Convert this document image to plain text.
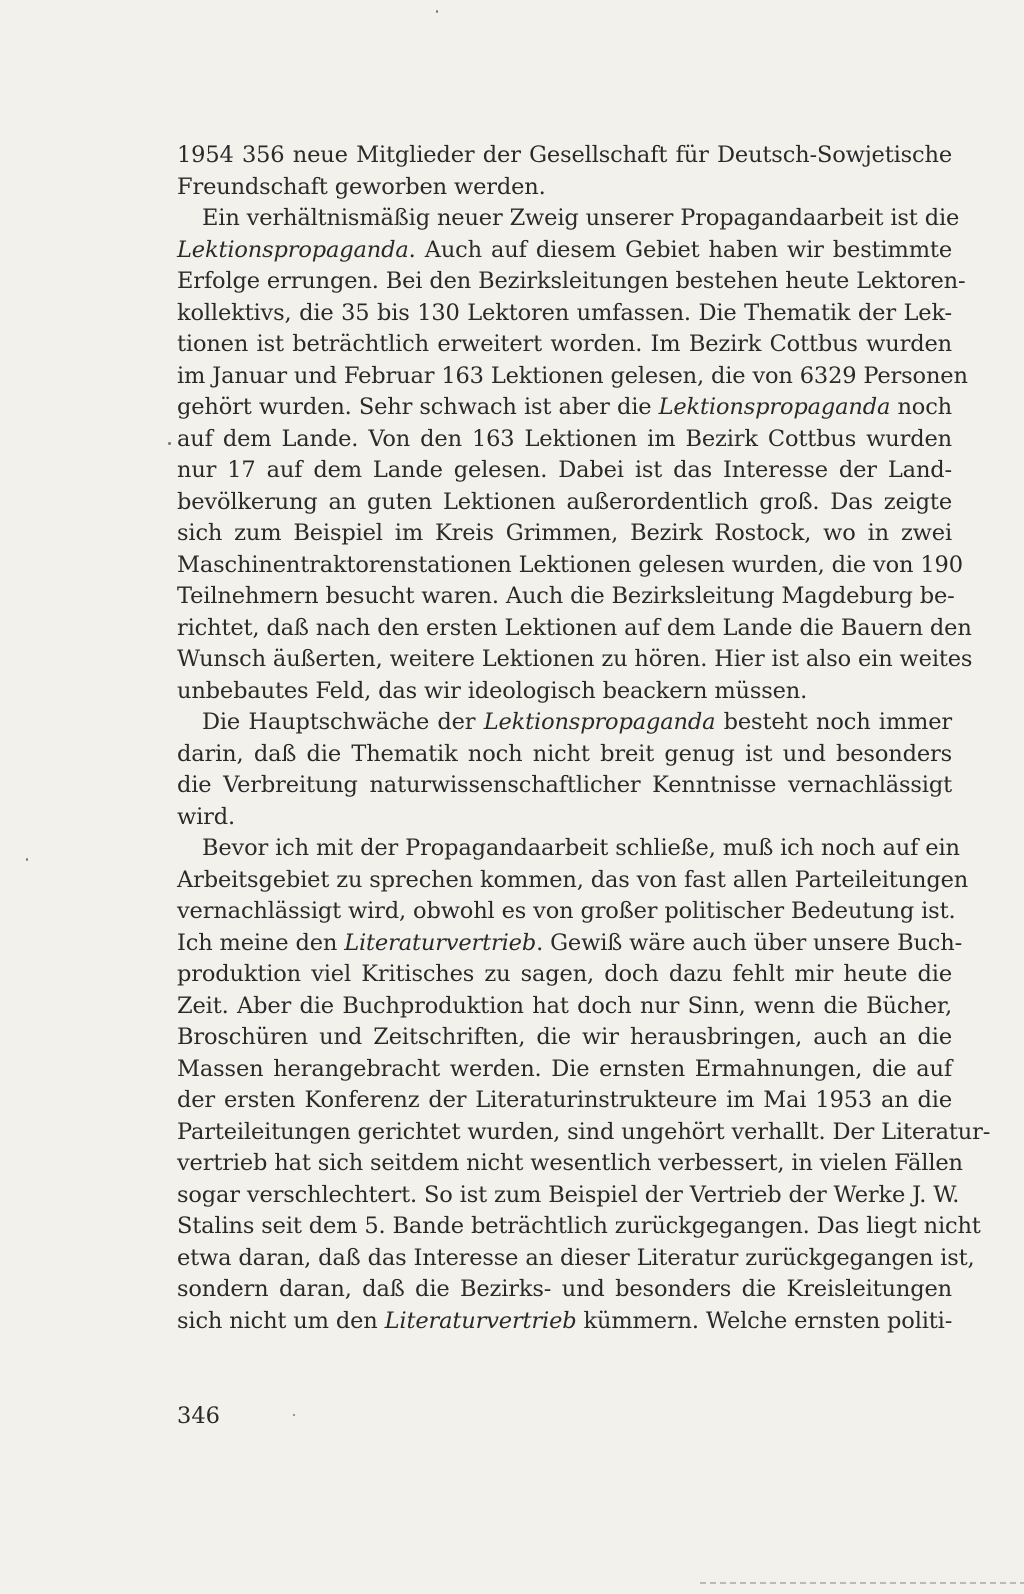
1954 356 neue Mitglieder der Gesellschaft für Deutsch-Sowjetische
Freundschaft geworben werden.
Ein verhältnismäßig neuer Zweig unserer Propagandaarbeit ist die
Lektionspropaganda. Auch auf diesem Gebiet haben wir bestimmte
Erfolge errungen. Bei den Bezirksleitungen bestehen heute Lektoren-
kollektivs, die 35 bis 130 Lektoren umfassen. Die Thematik der Lek-
tionen ist beträchtlich erweitert worden. Im Bezirk Cottbus wurden
im Januar und Februar 163 Lektionen gelesen, die von 6329 Personen
gehört wurden. Sehr schwach ist aber die Lektionspropaganda noch
auf dem Lande. Von den 163 Lektionen im Bezirk Cottbus wurden
nur 17 auf dem Lande gelesen. Dabei ist das Interesse der Land-
bevölkerung an guten Lektionen außerordentlich groß. Das zeigte
sich zum Beispiel im Kreis Grimmen, Bezirk Rostock, wo in zwei
Maschinentraktorenstationen Lektionen gelesen wurden, die von 190
Teilnehmern besucht waren. Auch die Bezirksleitung Magdeburg be-
richtet, daß nach den ersten Lektionen auf dem Lande die Bauern den
Wunsch äußerten, weitere Lektionen zu hören. Hier ist also ein weites
unbebautes Feld, das wir ideologisch beackern müssen.
Die Hauptschwäche der Lektionspropaganda besteht noch immer
darin, daß die Thematik noch nicht breit genug ist und besonders
die Verbreitung naturwissenschaftlicher Kenntnisse vernachlässigt
wird.
Bevor ich mit der Propagandaarbeit schließe, muß ich noch auf ein
Arbeitsgebiet zu sprechen kommen, das von fast allen Parteileitungen
vernachlässigt wird, obwohl es von großer politischer Bedeutung ist.
Ich meine den Literaturvertrieb. Gewiß wäre auch über unsere Buch-
produktion viel Kritisches zu sagen, doch dazu fehlt mir heute die
Zeit. Aber die Buchproduktion hat doch nur Sinn, wenn die Bücher,
Broschüren und Zeitschriften, die wir herausbringen, auch an die
Massen herangebracht werden. Die ernsten Ermahnungen, die auf
der ersten Konferenz der Literaturinstrukteure im Mai 1953 an die
Parteileitungen gerichtet wurden, sind ungehört verhallt. Der Literatur-
vertrieb hat sich seitdem nicht wesentlich verbessert, in vielen Fällen
sogar verschlechtert. So ist zum Beispiel der Vertrieb der Werke J. W.
Stalins seit dem 5. Bande beträchtlich zurückgegangen. Das liegt nicht
etwa daran, daß das Interesse an dieser Literatur zurückgegangen ist,
sondern daran, daß die Bezirks- und besonders die Kreisleitungen
sich nicht um den Literaturvertrieb kümmern. Welche ernsten politi-
346
